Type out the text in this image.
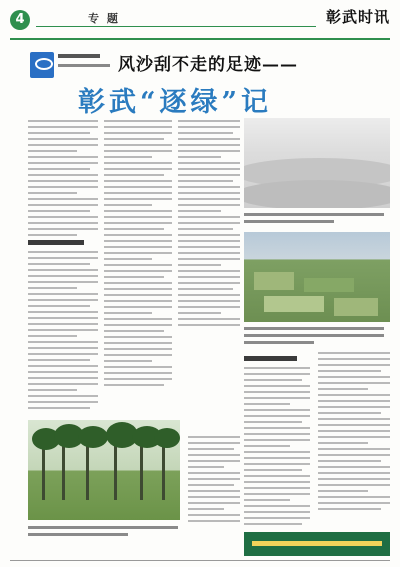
4	专 题	彰武时讯
风沙刮不走的足迹——
彰武“逐绿”记
